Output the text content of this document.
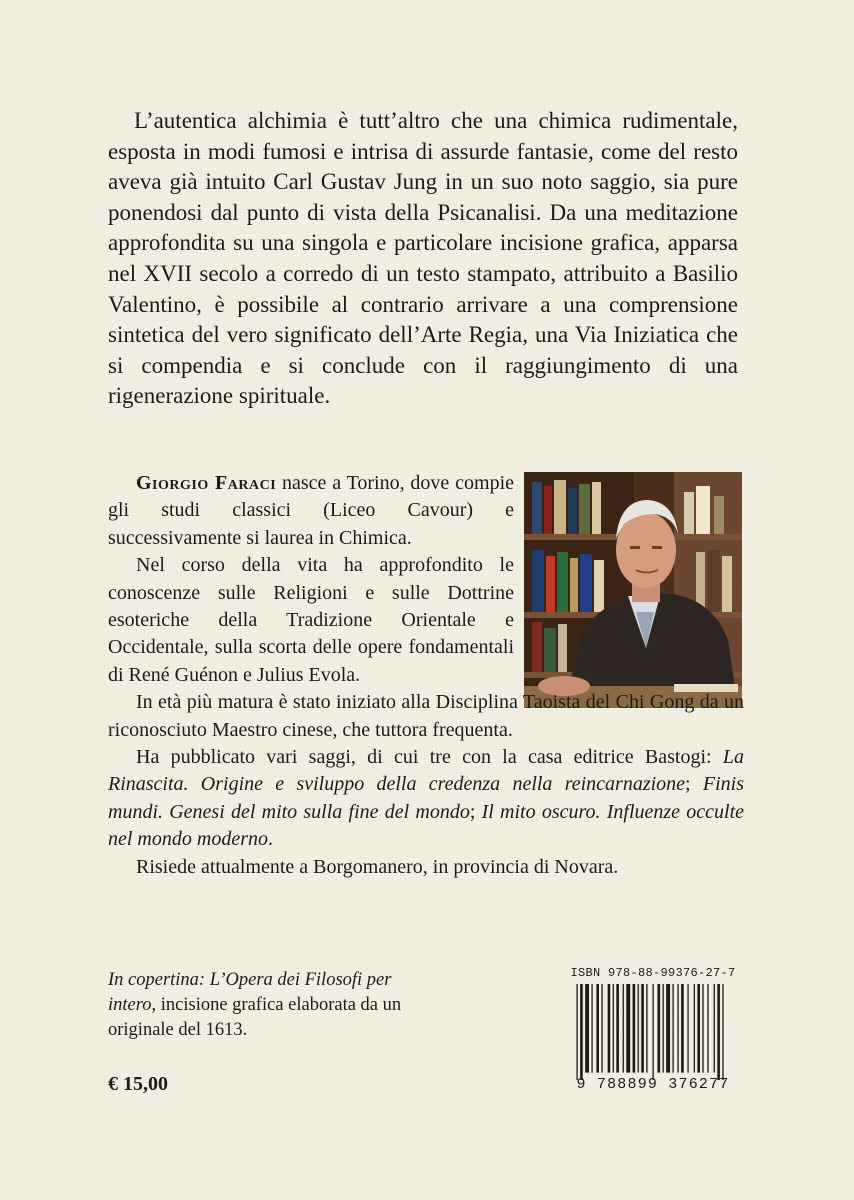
L’autentica alchimia è tutt’altro che una chimica rudimentale, esposta in modi fumosi e intrisa di assurde fantasie, come del resto aveva già intuito Carl Gustav Jung in un suo noto saggio, sia pure ponendosi dal punto di vista della Psicanalisi. Da una meditazione approfondita su una singola e particolare incisione grafica, apparsa nel XVII secolo a corredo di un testo stampato, attribuito a Basilio Valentino, è possibile al contrario arrivare a una comprensione sintetica del vero significato dell’Arte Regia, una Via Iniziatica che si compendia e si conclude con il raggiungimento di una rigenerazione spirituale.

Giorgio Faraci nasce a Torino, dove compie gli studi classici (Liceo Cavour) e successivamente si laurea in Chimica.

Nel corso della vita ha approfondito le conoscenze sulle Religioni e sulle Dottrine esoteriche della Tradizione Orientale e Occidentale, sulla scorta delle opere fondamentali di René Guénon e Julius Evola.

In età più matura è stato iniziato alla Disciplina Taoista del Chi Gong da un riconosciuto Maestro cinese, che tuttora frequenta.

Ha pubblicato vari saggi, di cui tre con la casa editrice Bastogi: La Rinascita. Origine e sviluppo della credenza nella reincarnazione; Finis mundi. Genesi del mito sulla fine del mondo; Il mito oscuro. Influenze occulte nel mondo moderno.

Risiede attualmente a Borgomanero, in provincia di Novara.

In copertina: L’Opera dei Filosofi per intero, incisione grafica elaborata da un originale del 1613.
€ 15,00
ISBN 978-88-99376-27-7
9 788899 376277
